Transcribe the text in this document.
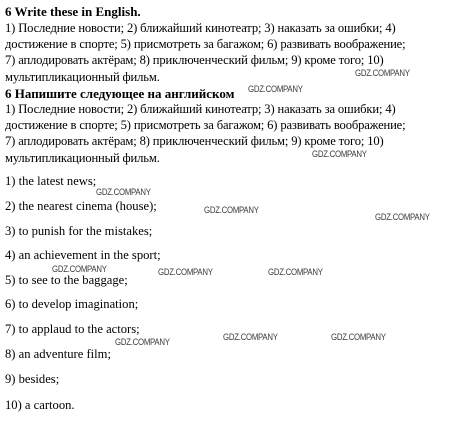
6 Write these in English.
1) Последние новости; 2) ближайший кинотеатр; 3) наказать за ошибки; 4)
достижение в спорте; 5) присмотреть за багажом; 6) развивать воображение;
7) аплодировать актёрам; 8) приключенческий фильм; 9) кроме того; 10)
мультипликационный фильм.
6 Напишите следующее на английском
1) Последние новости; 2) ближайший кинотеатр; 3) наказать за ошибки; 4)
достижение в спорте; 5) присмотреть за багажом; 6) развивать воображение;
7) аплодировать актёрам; 8) приключенческий фильм; 9) кроме того; 10)
мультипликационный фильм.
1) the latest news;
2) the nearest cinema (house);
3) to punish for the mistakes;
4) an achievement in the sport;
5) to see to the baggage;
6) to develop imagination;
7) to applaud to the actors;
8) an adventure film;
9) besides;
10) a cartoon.
GDZ.COMPANY
GDZ.COMPANY
GDZ.COMPANY
GDZ.COMPANY
GDZ.COMPANY
GDZ.COMPANY
GDZ.COMPANY	GDZ.COMPANY	GDZ.COMPANY
GDZ.COMPANY	GDZ.COMPANY	GDZ.COMPANY
